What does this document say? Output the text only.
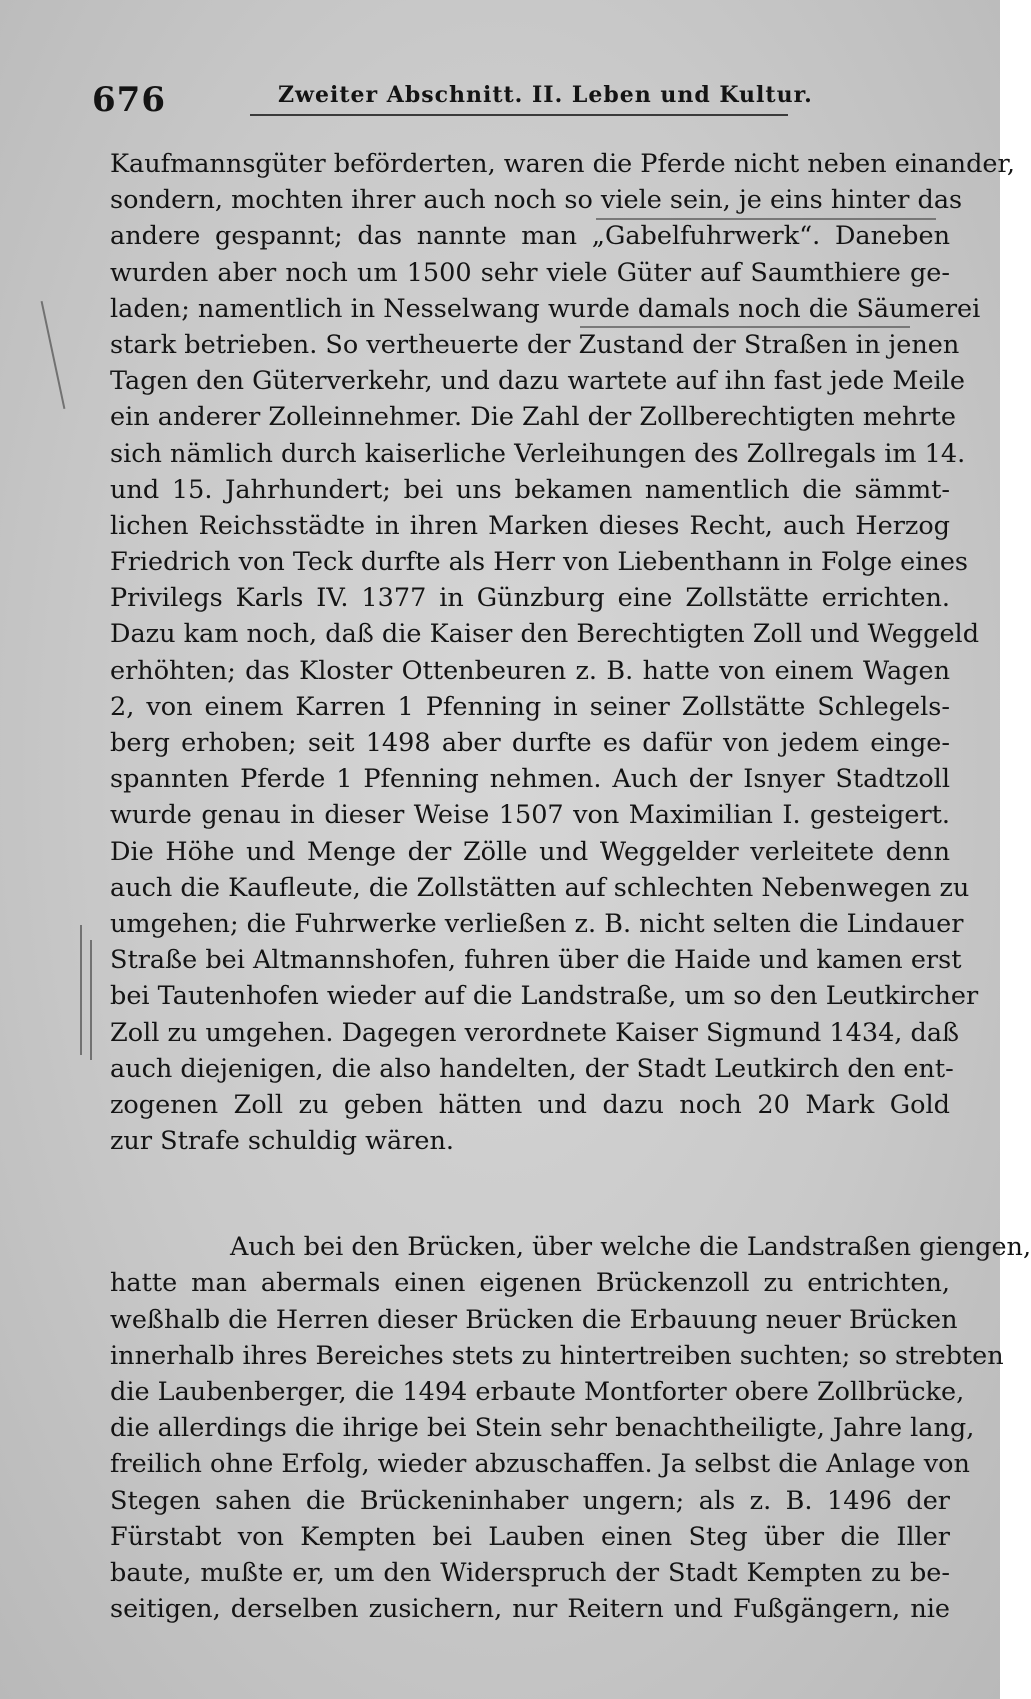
676	Zweiter Abschnitt. II. Leben und Kultur.
Kaufmannsgüter beförderten, waren die Pferde nicht neben einander,
sondern, mochten ihrer auch noch so viele sein, je eins hinter das
andere gespannt; das nannte man „Gabelfuhrwerk“. Daneben
wurden aber noch um 1500 sehr viele Güter auf Saumthiere ge-
laden; namentlich in Nesselwang wurde damals noch die Säumerei
stark betrieben. So vertheuerte der Zustand der Straßen in jenen
Tagen den Güterverkehr, und dazu wartete auf ihn fast jede Meile
ein anderer Zolleinnehmer. Die Zahl der Zollberechtigten mehrte
sich nämlich durch kaiserliche Verleihungen des Zollregals im 14.
und 15. Jahrhundert; bei uns bekamen namentlich die sämmt-
lichen Reichsstädte in ihren Marken dieses Recht, auch Herzog
Friedrich von Teck durfte als Herr von Liebenthann in Folge eines
Privilegs Karls IV. 1377 in Günzburg eine Zollstätte errichten.
Dazu kam noch, daß die Kaiser den Berechtigten Zoll und Weggeld
erhöhten; das Kloster Ottenbeuren z. B. hatte von einem Wagen
2, von einem Karren 1 Pfenning in seiner Zollstätte Schlegels-
berg erhoben; seit 1498 aber durfte es dafür von jedem einge-
spannten Pferde 1 Pfenning nehmen. Auch der Isnyer Stadtzoll
wurde genau in dieser Weise 1507 von Maximilian I. gesteigert.
Die Höhe und Menge der Zölle und Weggelder verleitete denn
auch die Kaufleute, die Zollstätten auf schlechten Nebenwegen zu
umgehen; die Fuhrwerke verließen z. B. nicht selten die Lindauer
Straße bei Altmannshofen, fuhren über die Haide und kamen erst
bei Tautenhofen wieder auf die Landstraße, um so den Leutkircher
Zoll zu umgehen. Dagegen verordnete Kaiser Sigmund 1434, daß
auch diejenigen, die also handelten, der Stadt Leutkirch den ent-
zogenen Zoll zu geben hätten und dazu noch 20 Mark Gold
zur Strafe schuldig wären.
Auch bei den Brücken, über welche die Landstraßen giengen,
hatte man abermals einen eigenen Brückenzoll zu entrichten,
weßhalb die Herren dieser Brücken die Erbauung neuer Brücken
innerhalb ihres Bereiches stets zu hintertreiben suchten; so strebten
die Laubenberger, die 1494 erbaute Montforter obere Zollbrücke,
die allerdings die ihrige bei Stein sehr benachtheiligte, Jahre lang,
freilich ohne Erfolg, wieder abzuschaffen. Ja selbst die Anlage von
Stegen sahen die Brückeninhaber ungern; als z. B. 1496 der
Fürstabt von Kempten bei Lauben einen Steg über die Iller
baute, mußte er, um den Widerspruch der Stadt Kempten zu be-
seitigen, derselben zusichern, nur Reitern und Fußgängern, nie
